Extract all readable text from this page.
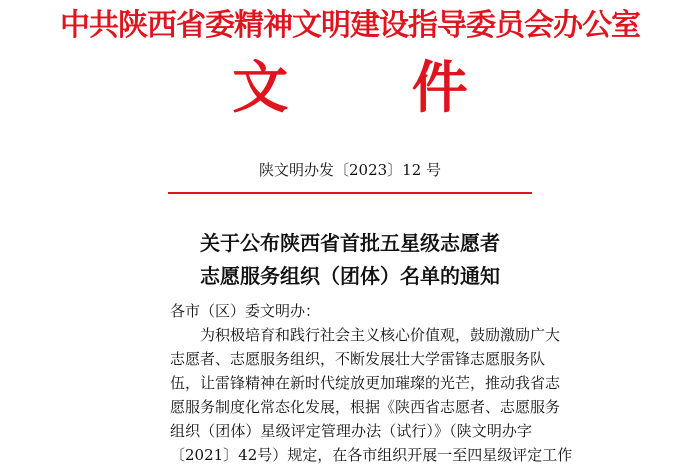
中共陕西省委精神文明建设指导委员会办公室
文 件
陕文明办发〔2023〕12 号
关于公布陕西省首批五星级志愿者
志愿服务组织（团体）名单的通知
各市（区）委文明办：
为积极培育和践行社会主义核心价值观，鼓励激励广大
志愿者、志愿服务组织，不断发展壮大学雷锋志愿服务队
伍，让雷锋精神在新时代绽放更加璀璨的光芒，推动我省志
愿服务制度化常态化发展，根据《陕西省志愿者、志愿服务
组织（团体）星级评定管理办法（试行）》（陕文明办字
〔2021〕42号）规定，在各市组织开展一至四星级评定工作
